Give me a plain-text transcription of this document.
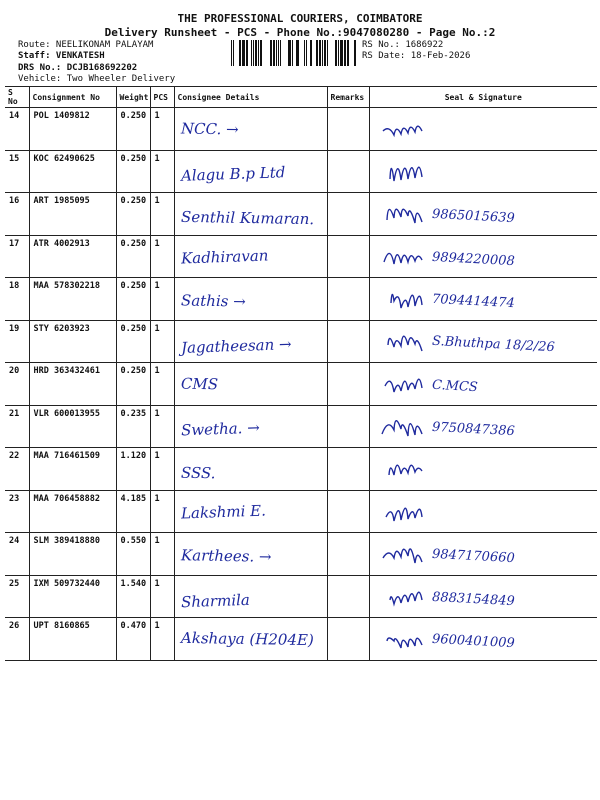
THE PROFESSIONAL COURIERS, COIMBATORE
Delivery Runsheet - PCS - Phone No.:9047080280 - Page No.:2
Route: NEELIKONAM PALAYAM
Staff: VENKATESH
DRS No.: DCJB168692202
Vehicle: Two Wheeler Delivery
RS No.: 1686922
RS Date: 18-Feb-2026
S No	Consignment No	Weight	PCS	Consignee Details	Remarks	Seal & Signature
14	POL 1409812	0.250	1	NCC. →

15	KOC 62490625	0.250	1	Alagu B.p Ltd

16	ART 1985095	0.250	1	Senthil Kumaran.		9865015639

17	ATR 4002913	0.250	1	Kadhiravan		9894220008

18	MAA 578302218	0.250	1	Sathis →		7094414474

19	STY 6203923	0.250	1	Jagatheesan →		S.Bhuthpa 18/2/26

20	HRD 363432461	0.250	1	CMS		C.MCS

21	VLR 600013955	0.235	1	Swetha. →		9750847386

22	MAA 716461509	1.120	1	SSS.

23	MAA 706458882	4.185	1	Lakshmi E.

24	SLM 389418880	0.550	1	Karthees. →		9847170660

25	IXM 509732440	1.540	1	Sharmila		8883154849

26	UPT 8160865	0.470	1	Akshaya (H204E)		9600401009
